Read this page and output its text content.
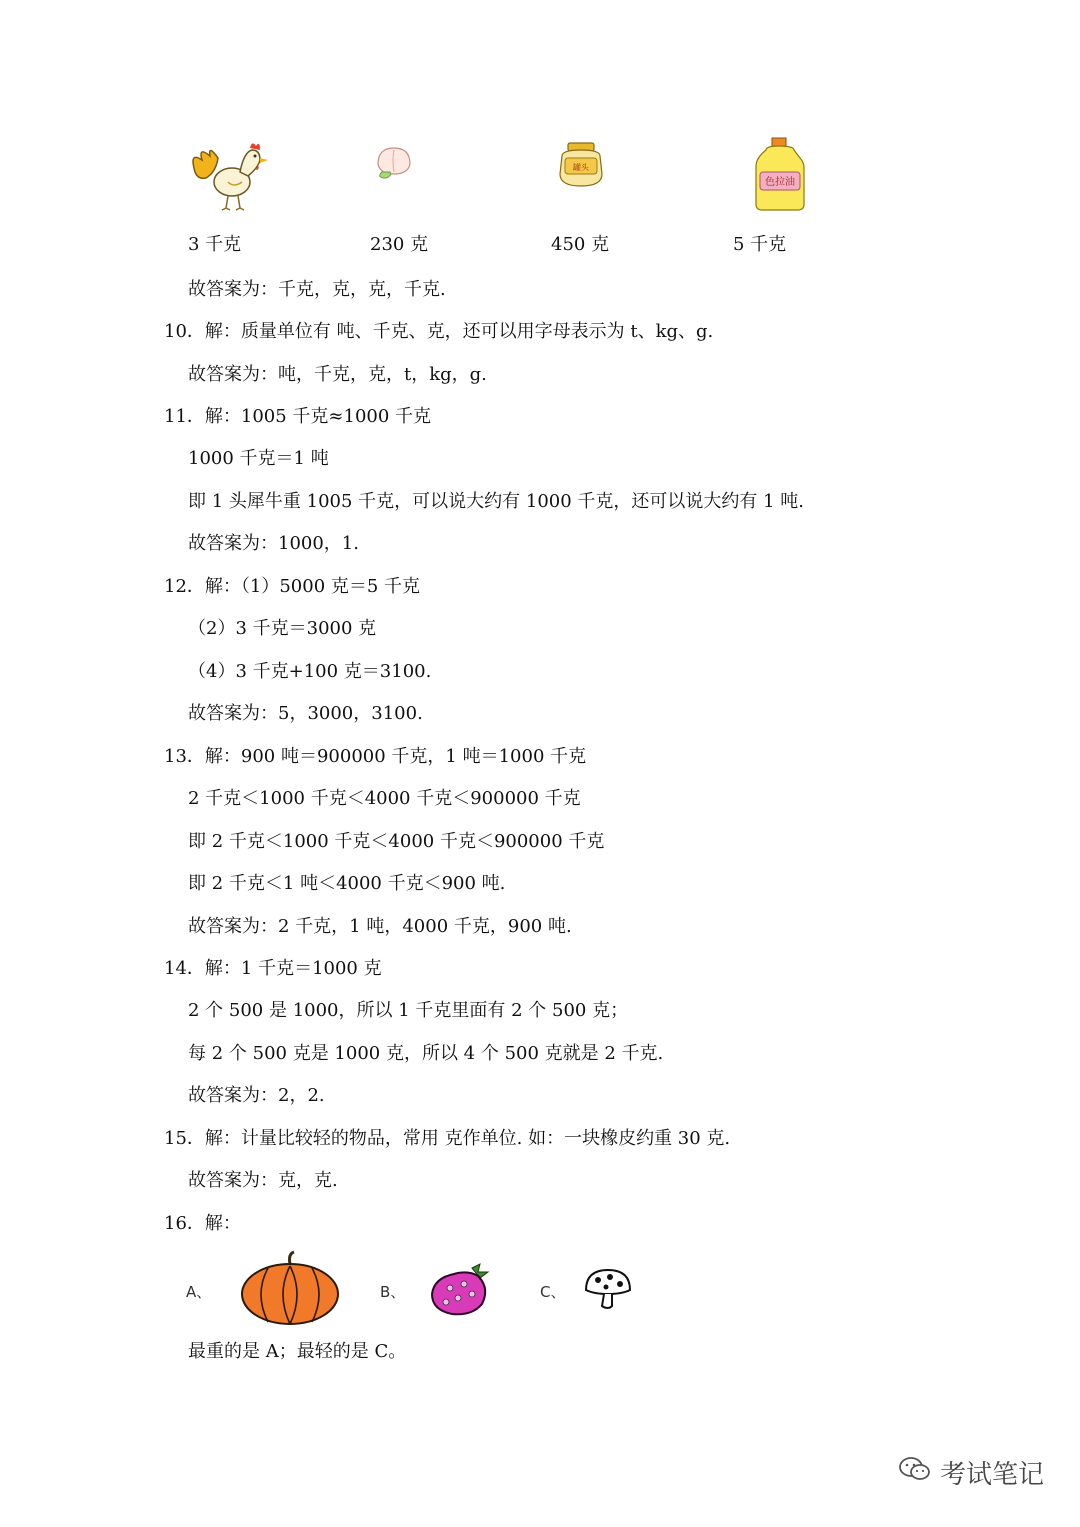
罐头
色拉油
3 千克	230 克	450 克	5 千克
故答案为：千克，克，克，千克.
10．解：质量单位有 吨、千克、克，还可以用字母表示为 t、kg、g.
故答案为：吨，千克，克，t，kg，g.
11．解：1005 千克≈1000 千克
1000 千克＝1 吨
即 1 头犀牛重 1005 千克，可以说大约有 1000 千克，还可以说大约有 1 吨.
故答案为：1000，1.
12．解：（1）5000 克＝5 千克
（2）3 千克＝3000 克
（4）3 千克+100 克＝3100.
故答案为：5，3000，3100.
13．解：900 吨＝900000 千克，1 吨＝1000 千克
2 千克＜1000 千克＜4000 千克＜900000 千克
即 2 千克＜1000 千克＜4000 千克＜900000 千克
即 2 千克＜1 吨＜4000 千克＜900 吨.
故答案为：2 千克，1 吨，4000 千克，900 吨.
14．解：1 千克＝1000 克
2 个 500 是 1000，所以 1 千克里面有 2 个 500 克；
每 2 个 500 克是 1000 克，所以 4 个 500 克就是 2 千克.
故答案为：2，2.
15．解：计量比较轻的物品，常用 克作单位. 如：一块橡皮约重 30 克.
故答案为：克，克.
16．解：
A、	B、	C、
最重的是 A；最轻的是 C。
考试笔记
